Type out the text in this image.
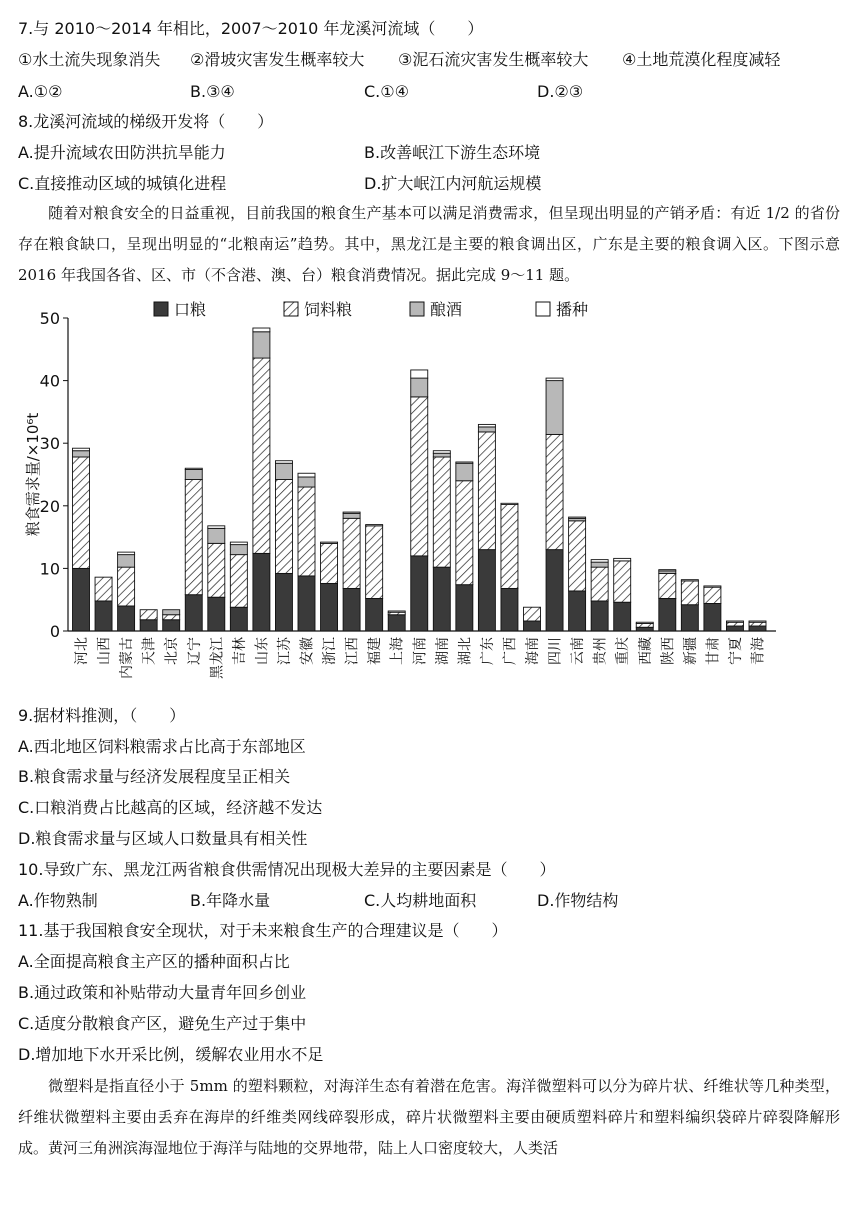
7.与 2010～2014 年相比，2007～2010 年龙溪河流域（　　）
①水土流失现象消失 ②滑坡灾害发生概率较大 ③泥石流灾害发生概率较大 ④土地荒漠化程度减轻
A.①②	B.③④	C.①④	D.②③
8.龙溪河流域的梯级开发将（　　）
A.提升流域农田防洪抗旱能力	B.改善岷江下游生态环境
C.直接推动区域的城镇化进程	D.扩大岷江内河航运规模
随着对粮食安全的日益重视，目前我国的粮食生产基本可以满足消费需求，但呈现出明显的产销矛盾：有近 1/2 的省份存在粮食缺口，呈现出明显的“北粮南运”趋势。其中，黑龙江是主要的粮食调出区，广东是主要的粮食调入区。下图示意 2016 年我国各省、区、市（不含港、澳、台）粮食消费情况。据此完成 9～11 题。
口粮	饲料粮	酿酒	播种
0
10
20
30
40
50
粮食需求量/×10⁶t
河北 山西 内蒙古 天津 北京 辽宁 黑龙江 吉林 山东 江苏 安徽 浙江 江西 福建 上海 河南 湖南 湖北 广东 广西 海南 四川 云南 贵州 重庆 西藏 陕西 新疆 甘肃 宁夏 青海
9.据材料推测，（　　）
A.西北地区饲料粮需求占比高于东部地区
B.粮食需求量与经济发展程度呈正相关
C.口粮消费占比越高的区域，经济越不发达
D.粮食需求量与区域人口数量具有相关性
10.导致广东、黑龙江两省粮食供需情况出现极大差异的主要因素是（　　）
A.作物熟制	B.年降水量	C.人均耕地面积	D.作物结构
11.基于我国粮食安全现状，对于未来粮食生产的合理建议是（　　）
A.全面提高粮食主产区的播种面积占比
B.通过政策和补贴带动大量青年回乡创业
C.适度分散粮食产区，避免生产过于集中
D.增加地下水开采比例，缓解农业用水不足
微塑料是指直径小于 5mm 的塑料颗粒，对海洋生态有着潜在危害。海洋微塑料可以分为碎片状、纤维状等几种类型，纤维状微塑料主要由丢弃在海岸的纤维类网线碎裂形成，碎片状微塑料主要由硬质塑料碎片和塑料编织袋碎片碎裂降解形成。黄河三角洲滨海湿地位于海洋与陆地的交界地带，陆上人口密度较大，人类活
